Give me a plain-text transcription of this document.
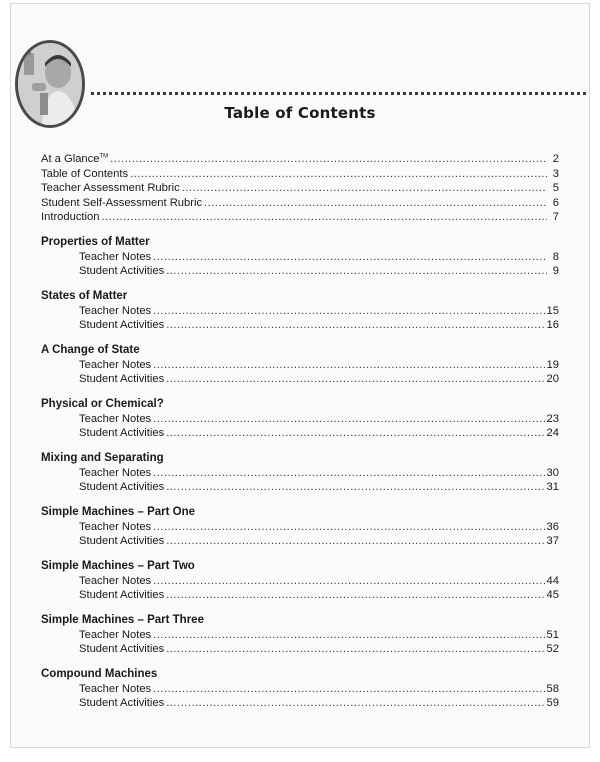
Table of Contents
At a Glance™ .....	2
Table of Contents .....	3
Teacher Assessment Rubric .....	5
Student Self-Assessment Rubric .....	6
Introduction .....	7
Properties of Matter
Teacher Notes .....	8
Student Activities .....	9
States of Matter
Teacher Notes .....	15
Student Activities .....	16
A Change of State
Teacher Notes .....	19
Student Activities .....	20
Physical or Chemical?
Teacher Notes .....	23
Student Activities .....	24
Mixing and Separating
Teacher Notes .....	30
Student Activities .....	31
Simple Machines – Part One
Teacher Notes .....	36
Student Activities .....	37
Simple Machines – Part Two
Teacher Notes .....	44
Student Activities .....	45
Simple Machines – Part Three
Teacher Notes .....	51
Student Activities .....	52
Compound Machines
Teacher Notes .....	58
Student Activities .....	59
